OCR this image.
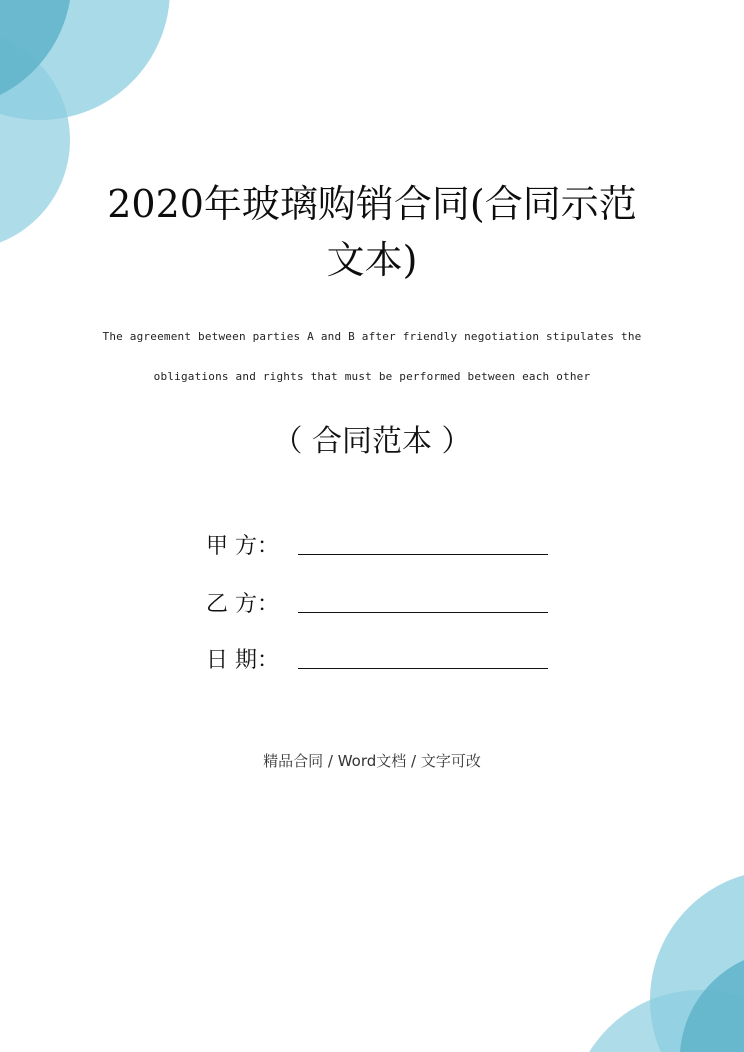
2020年玻璃购销合同(合同示范
文本)
The agreement between parties A and B after friendly negotiation stipulates the
obligations and rights that must be performed between each other
（ 合同范本 ）
甲 方：
乙 方：
日 期：
精品合同 / Word文档 / 文字可改
